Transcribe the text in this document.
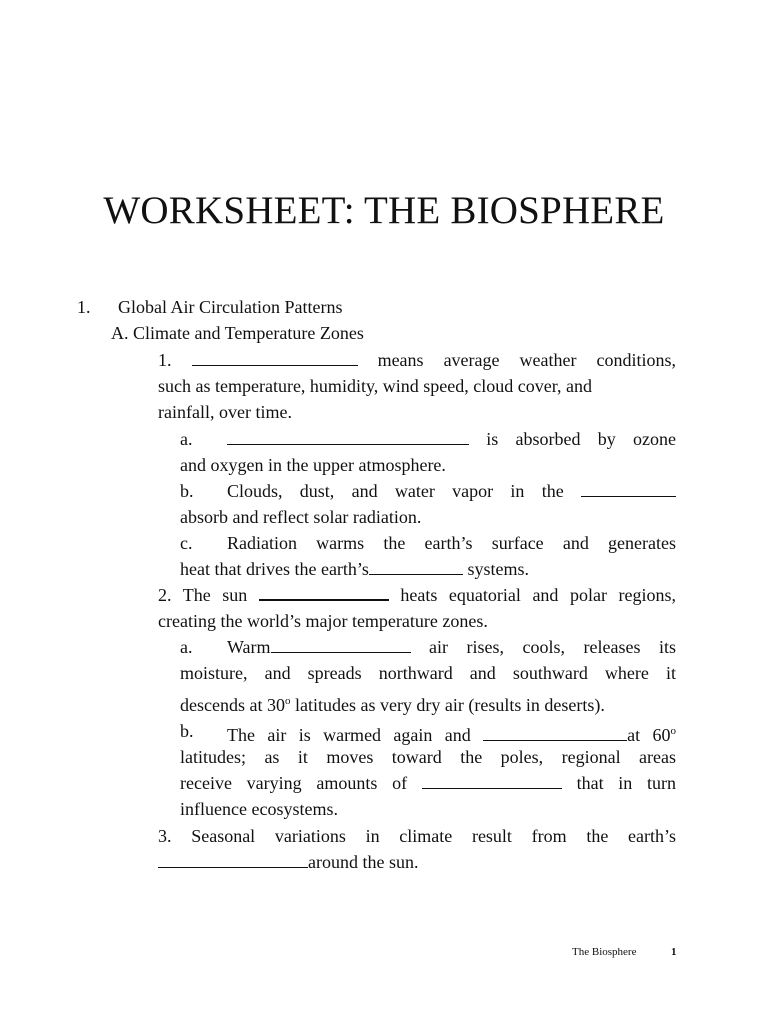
WORKSHEET: THE BIOSPHERE
1. Global Air Circulation Patterns
A. Climate and Temperature Zones
1.	means average weather conditions,
such as temperature, humidity, wind speed, cloud cover, and
rainfall, over time.
a.	is absorbed by ozone
and oxygen in the upper atmosphere.
b. Clouds, dust, and water vapor in the
absorb and reflect solar radiation.
c. Radiation warms the earth’s surface and generates
heat that drives the earth’s	systems.
2. The sun	heats equatorial and polar regions,
creating the world’s major temperature zones.
a. Warm	air rises, cools, releases its
moisture, and spreads northward and southward where it
descends at 30$^o$ latitudes as very dry air (results in deserts).
b. The air is warmed again and	at 60$^o$
latitudes; as it moves toward the poles, regional areas
receive varying amounts of	that in turn
influence ecosystems.
3. Seasonal variations in climate result from the earth’s
around the sun.
The Biosphere	1
